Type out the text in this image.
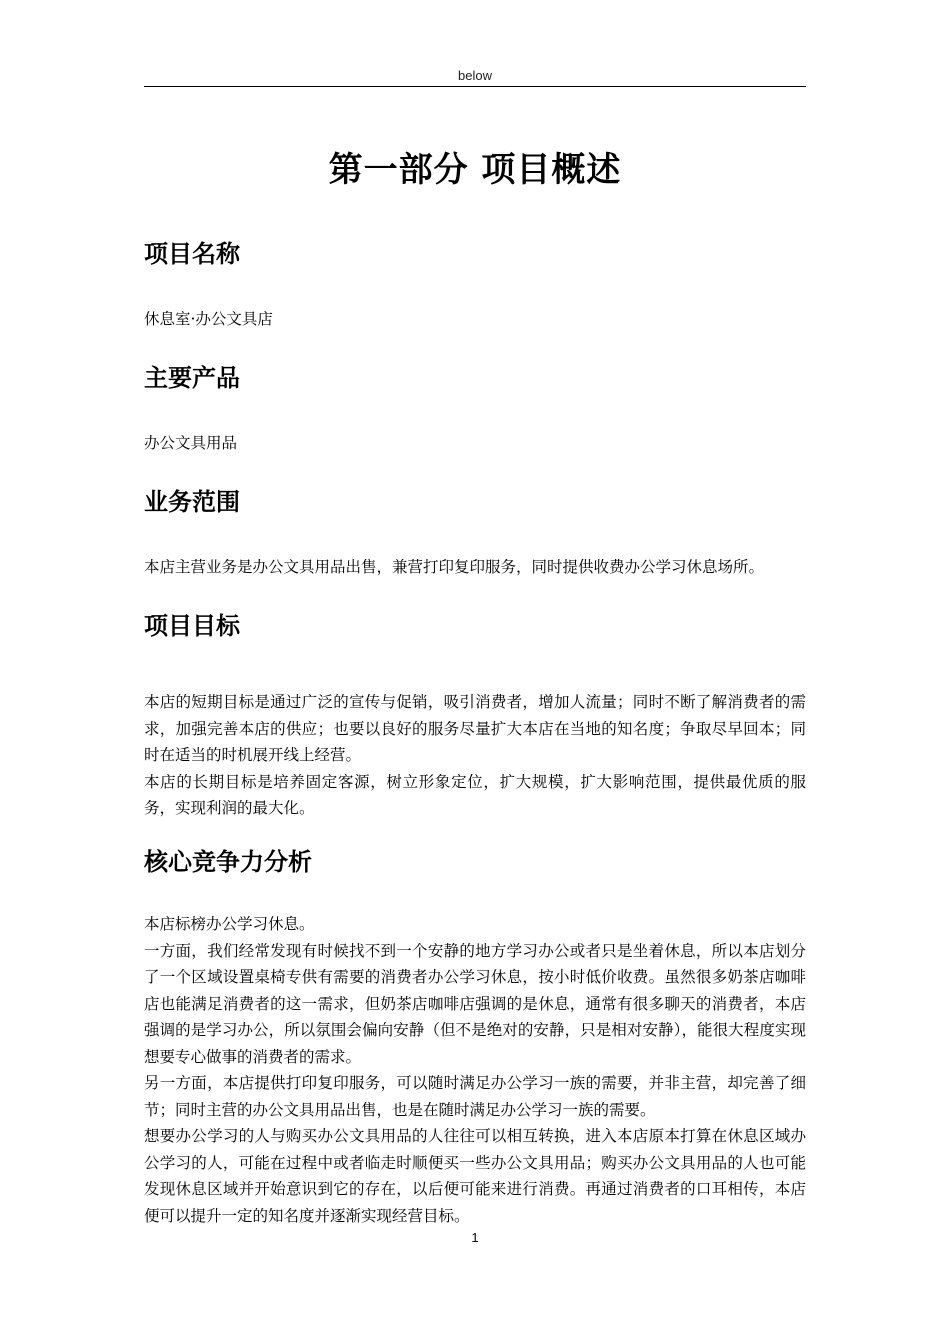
below
第一部分 项目概述
项目名称

休息室·办公文具店

主要产品

办公文具用品

业务范围

本店主营业务是办公文具用品出售，兼营打印复印服务，同时提供收费办公学习休息场所。

项目目标

本店的短期目标是通过广泛的宣传与促销，吸引消费者，增加人流量；同时不断了解消费者的需求，加强完善本店的供应；也要以良好的服务尽量扩大本店在当地的知名度；争取尽早回本；同时在适当的时机展开线上经营。

本店的长期目标是培养固定客源，树立形象定位，扩大规模，扩大影响范围，提供最优质的服务，实现利润的最大化。

核心竞争力分析

本店标榜办公学习休息。

一方面，我们经常发现有时候找不到一个安静的地方学习办公或者只是坐着休息，所以本店划分了一个区域设置桌椅专供有需要的消费者办公学习休息，按小时低价收费。虽然很多奶茶店咖啡店也能满足消费者的这一需求，但奶茶店咖啡店强调的是休息，通常有很多聊天的消费者，本店强调的是学习办公，所以氛围会偏向安静（但不是绝对的安静，只是相对安静），能很大程度实现想要专心做事的消费者的需求。

另一方面，本店提供打印复印服务，可以随时满足办公学习一族的需要，并非主营，却完善了细节；同时主营的办公文具用品出售，也是在随时满足办公学习一族的需要。

想要办公学习的人与购买办公文具用品的人往往可以相互转换，进入本店原本打算在休息区域办公学习的人，可能在过程中或者临走时顺便买一些办公文具用品；购买办公文具用品的人也可能发现休息区域并开始意识到它的存在，以后便可能来进行消费。再通过消费者的口耳相传，本店便可以提升一定的知名度并逐渐实现经营目标。

1
